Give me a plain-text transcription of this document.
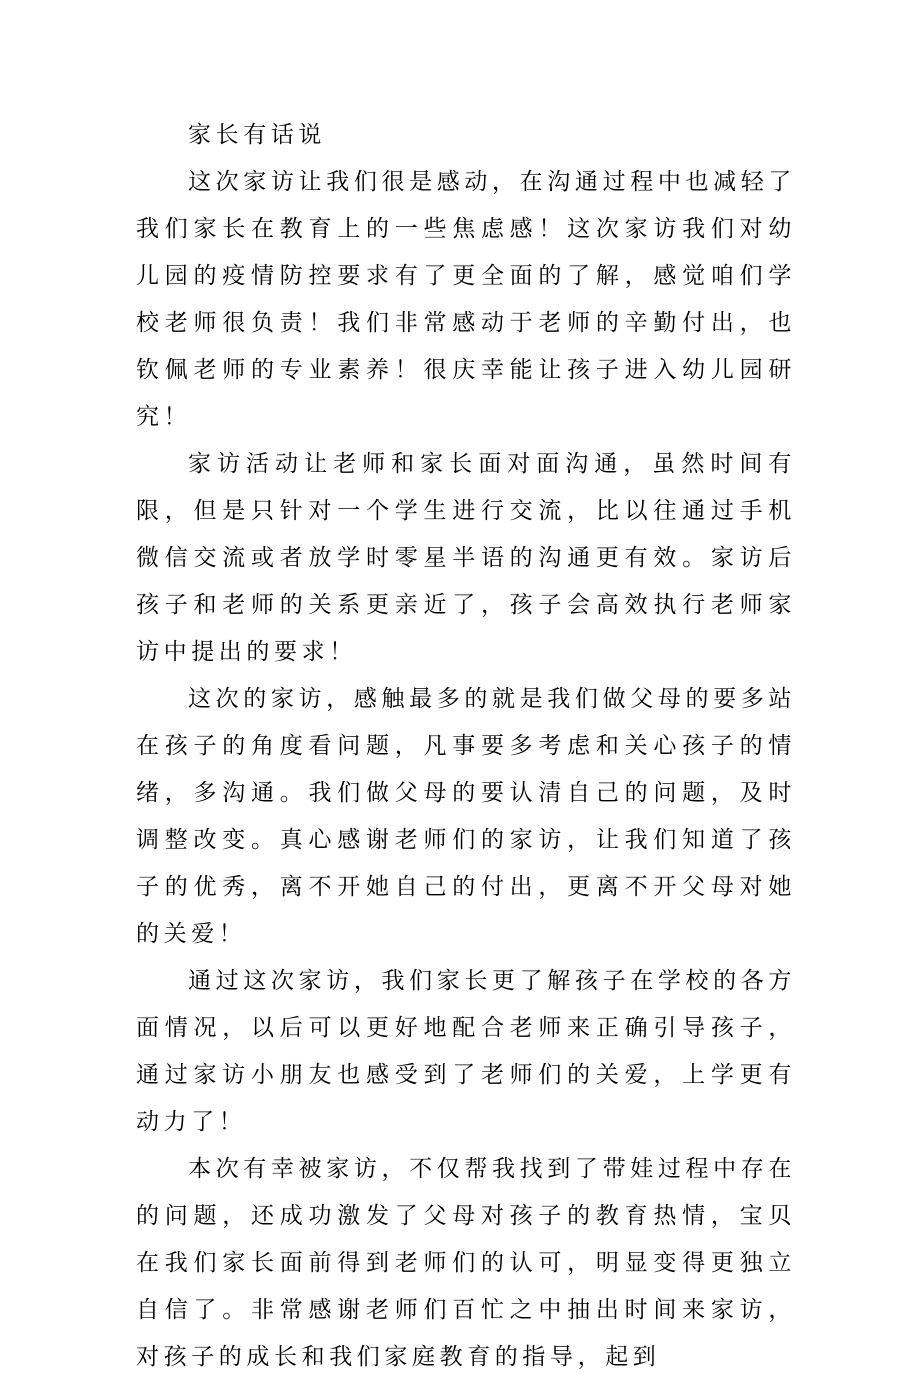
家长有话说

这次家访让我们很是感动，在沟通过程中也减轻了我们家长在教育上的一些焦虑感！这次家访我们对幼儿园的疫情防控要求有了更全面的了解，感觉咱们学校老师很负责！我们非常感动于老师的辛勤付出，也钦佩老师的专业素养！很庆幸能让孩子进入幼儿园研究！

家访活动让老师和家长面对面沟通，虽然时间有限，但是只针对一个学生进行交流，比以往通过手机微信交流或者放学时零星半语的沟通更有效。家访后孩子和老师的关系更亲近了，孩子会高效执行老师家访中提出的要求！

这次的家访，感触最多的就是我们做父母的要多站在孩子的角度看问题，凡事要多考虑和关心孩子的情绪，多沟通。我们做父母的要认清自己的问题，及时调整改变。真心感谢老师们的家访，让我们知道了孩子的优秀，离不开她自己的付出，更离不开父母对她的关爱！

通过这次家访，我们家长更了解孩子在学校的各方面情况，以后可以更好地配合老师来正确引导孩子，通过家访小朋友也感受到了老师们的关爱，上学更有动力了！

本次有幸被家访，不仅帮我找到了带娃过程中存在的问题，还成功激发了父母对孩子的教育热情，宝贝在我们家长面前得到老师们的认可，明显变得更独立自信了。非常感谢老师们百忙之中抽出时间来家访，对孩子的成长和我们家庭教育的指导，起到
